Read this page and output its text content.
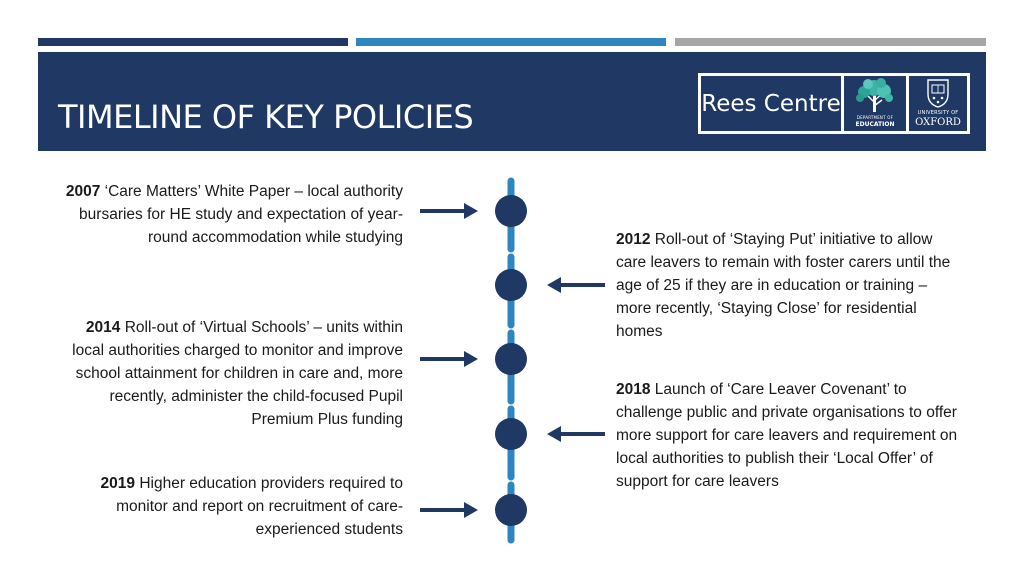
TIMELINE OF KEY POLICIES	Rees Centre
DEPARTMENT OF
EDUCATION
UNIVERSITY OF
OXFORD
2007 ‘Care Matters’ White Paper – local authority bursaries for HE study and expectation of year-round accommodation while studying
2014 Roll-out of ‘Virtual Schools’ – units within local authorities charged to monitor and improve school attainment for children in care and, more recently, administer the child-focused Pupil Premium Plus funding
2019 Higher education providers required to monitor and report on recruitment of care-experienced students
2012 Roll-out of ‘Staying Put’ initiative to allow care leavers to remain with foster carers until the age of 25 if they are in education or training – more recently, ‘Staying Close’ for residential homes
2018 Launch of ‘Care Leaver Covenant’ to challenge public and private organisations to offer more support for care leavers and requirement on local authorities to publish their ‘Local Offer’ of support for care leavers
